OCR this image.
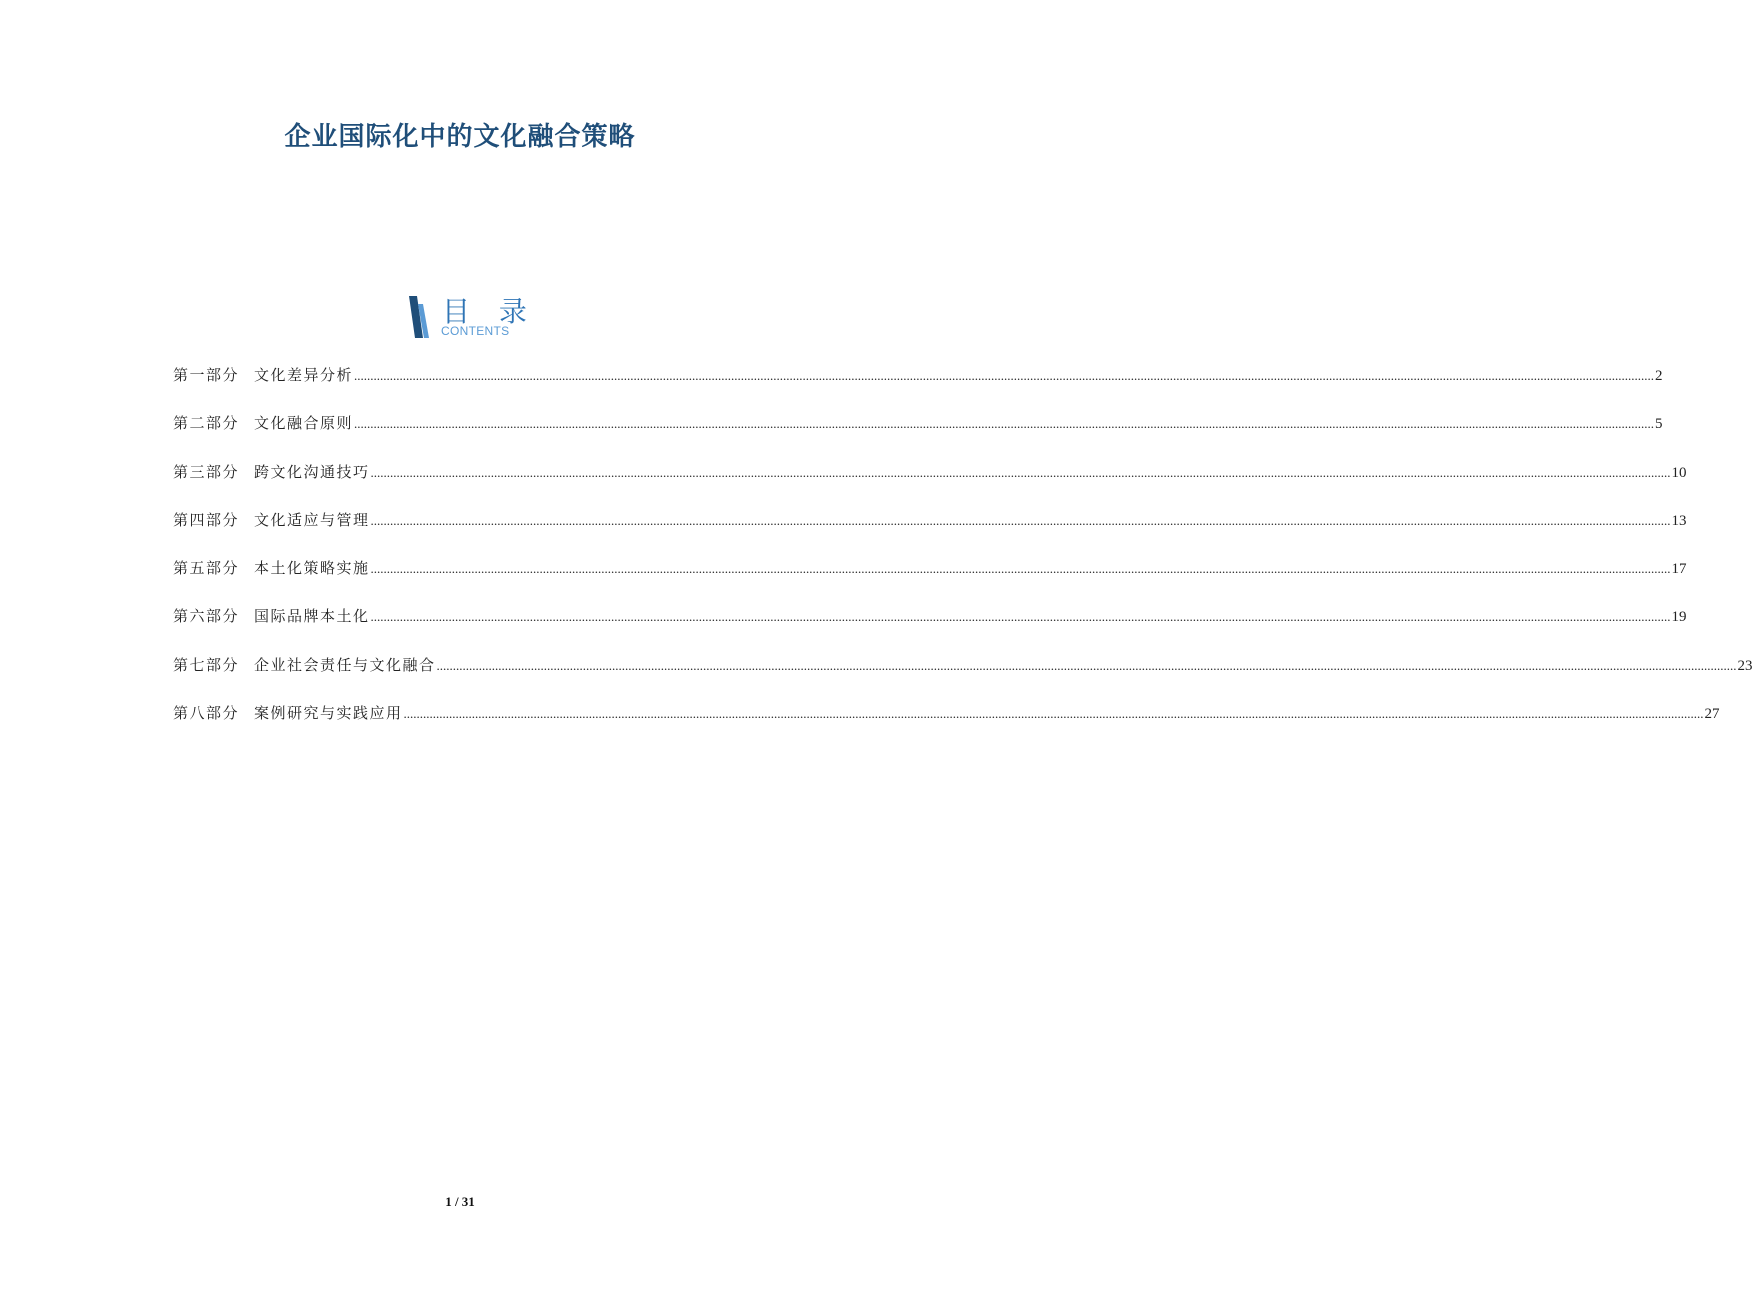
企业国际化中的文化融合策略
目 录
CONTENTS
第一部分 文化差异分析 ................................................................................................................................................................................................................................................................................................................................................................................................................ 2
第二部分 文化融合原则 ................................................................................................................................................................................................................................................................................................................................................................................................................ 5
第三部分 跨文化沟通技巧 ................................................................................................................................................................................................................................................................................................................................................................................................................ 10
第四部分 文化适应与管理 ................................................................................................................................................................................................................................................................................................................................................................................................................ 13
第五部分 本土化策略实施 ................................................................................................................................................................................................................................................................................................................................................................................................................ 17
第六部分 国际品牌本土化 ................................................................................................................................................................................................................................................................................................................................................................................................................ 19
第七部分 企业社会责任与文化融合 ................................................................................................................................................................................................................................................................................................................................................................................................................ 23
第八部分 案例研究与实践应用 ................................................................................................................................................................................................................................................................................................................................................................................................................ 27
1 / 31
